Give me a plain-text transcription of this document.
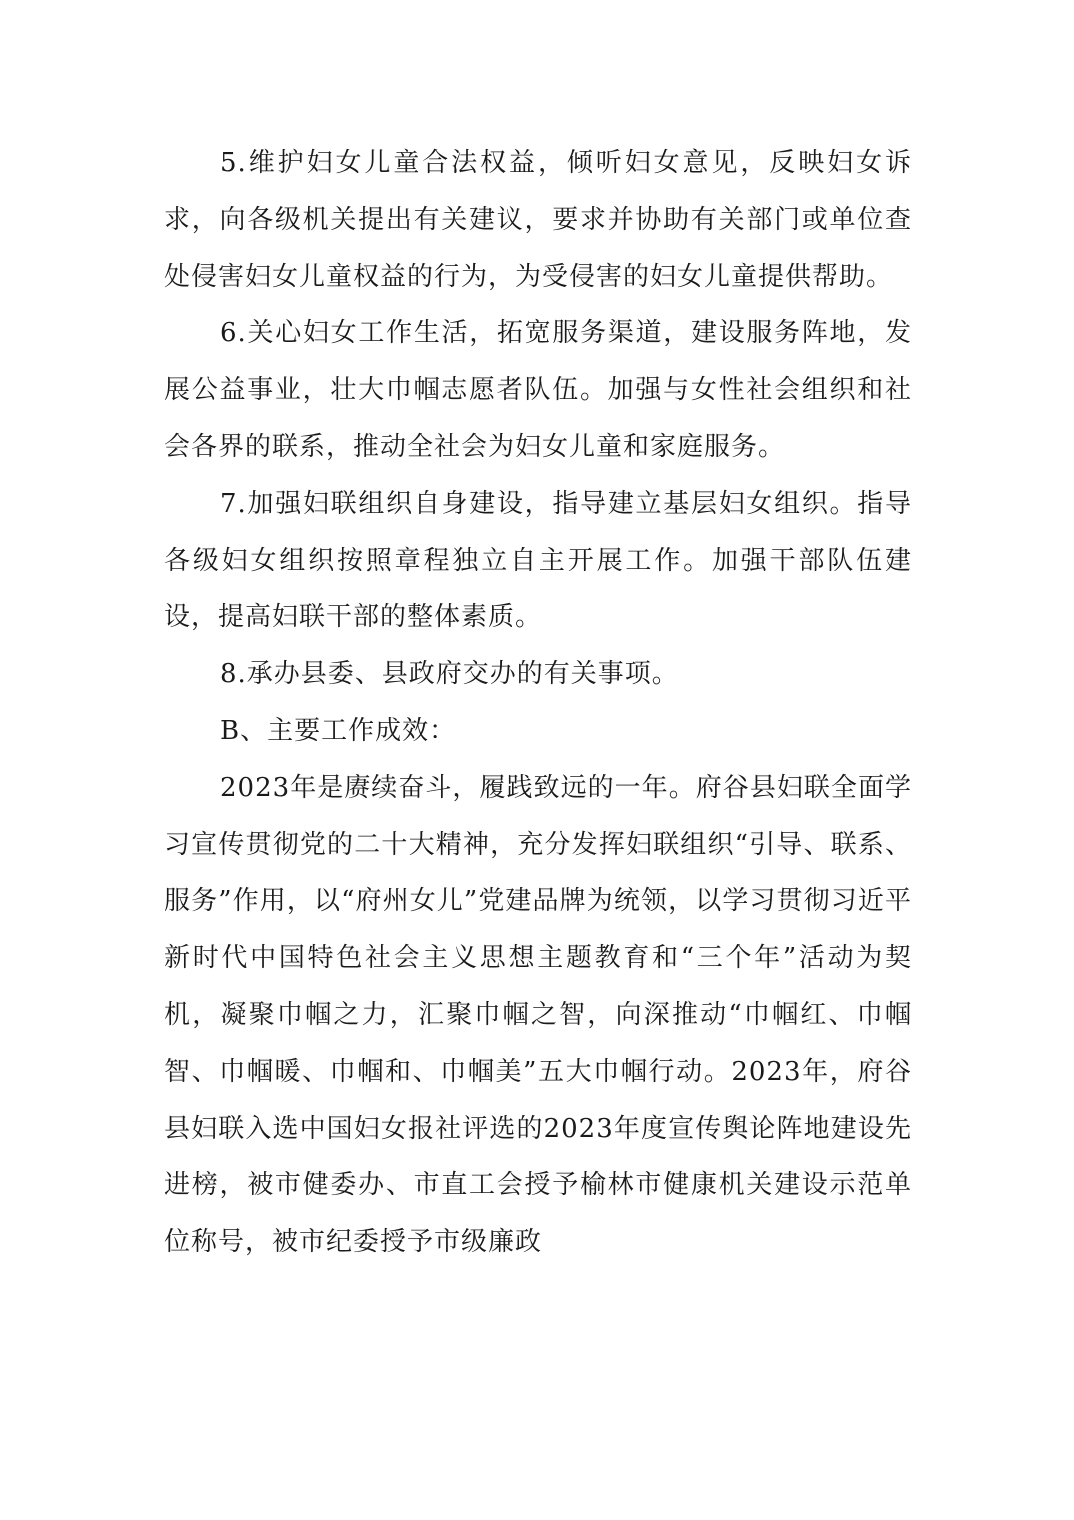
5.维护妇女儿童合法权益，倾听妇女意见，反映妇女诉求，向各级机关提出有关建议，要求并协助有关部门或单位查处侵害妇女儿童权益的行为，为受侵害的妇女儿童提供帮助。

6.关心妇女工作生活，拓宽服务渠道，建设服务阵地，发展公益事业，壮大巾帼志愿者队伍。加强与女性社会组织和社会各界的联系，推动全社会为妇女儿童和家庭服务。

7.加强妇联组织自身建设，指导建立基层妇女组织。指导各级妇女组织按照章程独立自主开展工作。加强干部队伍建设，提高妇联干部的整体素质。

8.承办县委、县政府交办的有关事项。

B、主要工作成效：

2023年是赓续奋斗，履践致远的一年。府谷县妇联全面学习宣传贯彻党的二十大精神，充分发挥妇联组织“引导、联系、服务”作用，以“府州女儿”党建品牌为统领，以学习贯彻习近平新时代中国特色社会主义思想主题教育和“三个年”活动为契机，凝聚巾帼之力，汇聚巾帼之智，向深推动“巾帼红、巾帼智、巾帼暖、巾帼和、巾帼美”五大巾帼行动。2023年，府谷县妇联入选中国妇女报社评选的2023年度宣传舆论阵地建设先进榜，被市健委办、市直工会授予榆林市健康机关建设示范单位称号，被市纪委授予市级廉政
